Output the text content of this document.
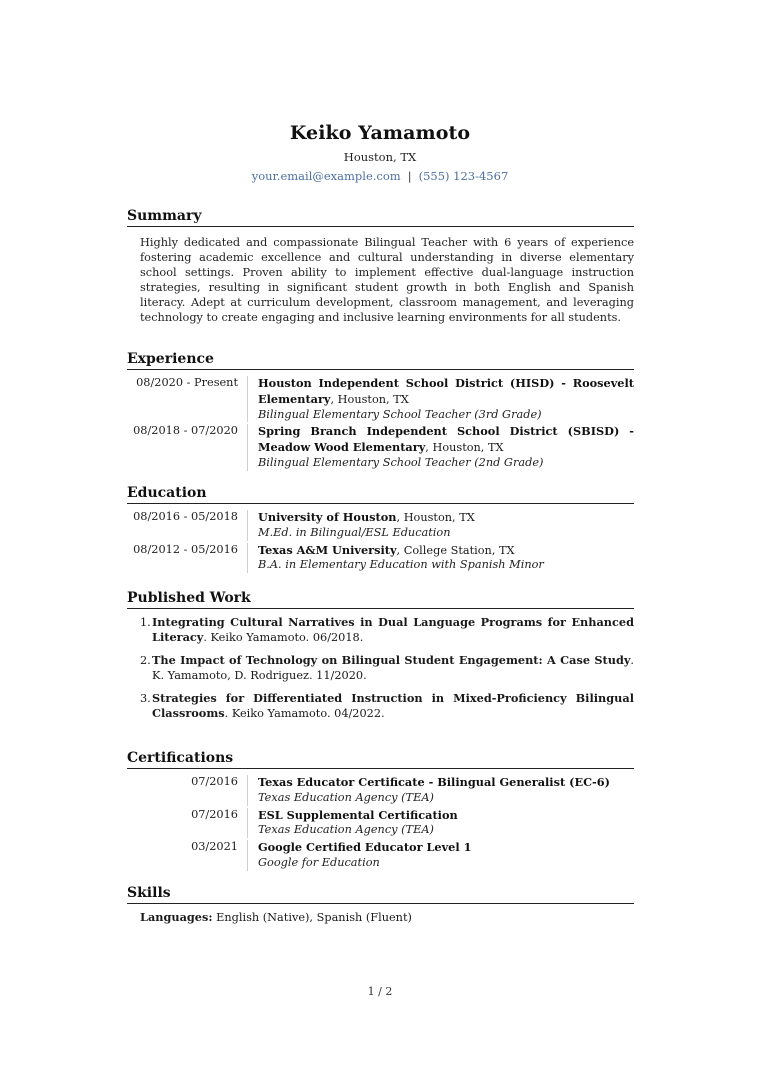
Keiko Yamamoto
Houston, TX
your.email@example.com | (555) 123-4567
Summary
Highly dedicated and compassionate Bilingual Teacher with 6 years of experience fostering academic excellence and cultural understanding in diverse elementary school settings. Proven ability to implement effective dual-language instruction strategies, resulting in significant student growth in both English and Spanish literacy. Adept at curriculum development, classroom management, and leveraging technology to create engaging and inclusive learning environments for all students.
Experience
08/2020 - Present	Houston Independent School District (HISD) - Roosevelt Elementary, Houston, TX
Bilingual Elementary School Teacher (3rd Grade)
08/2018 - 07/2020	Spring Branch Independent School District (SBISD) - Meadow Wood Elementary, Houston, TX
Bilingual Elementary School Teacher (2nd Grade)
Education
08/2016 - 05/2018	University of Houston, Houston, TX
M.Ed. in Bilingual/ESL Education
08/2012 - 05/2016	Texas A&M University, College Station, TX
B.A. in Elementary Education with Spanish Minor
Published Work
1. Integrating Cultural Narratives in Dual Language Programs for Enhanced Literacy. Keiko Yamamoto. 06/2018.
2. The Impact of Technology on Bilingual Student Engagement: A Case Study. K. Yamamoto, D. Rodriguez. 11/2020.
3. Strategies for Differentiated Instruction in Mixed-Proficiency Bilingual Classrooms. Keiko Yamamoto. 04/2022.
Certifications
07/2016	Texas Educator Certificate - Bilingual Generalist (EC-6)
Texas Education Agency (TEA)
07/2016	ESL Supplemental Certification
Texas Education Agency (TEA)
03/2021	Google Certified Educator Level 1
Google for Education
Skills
Languages: English (Native), Spanish (Fluent)
1 / 2
